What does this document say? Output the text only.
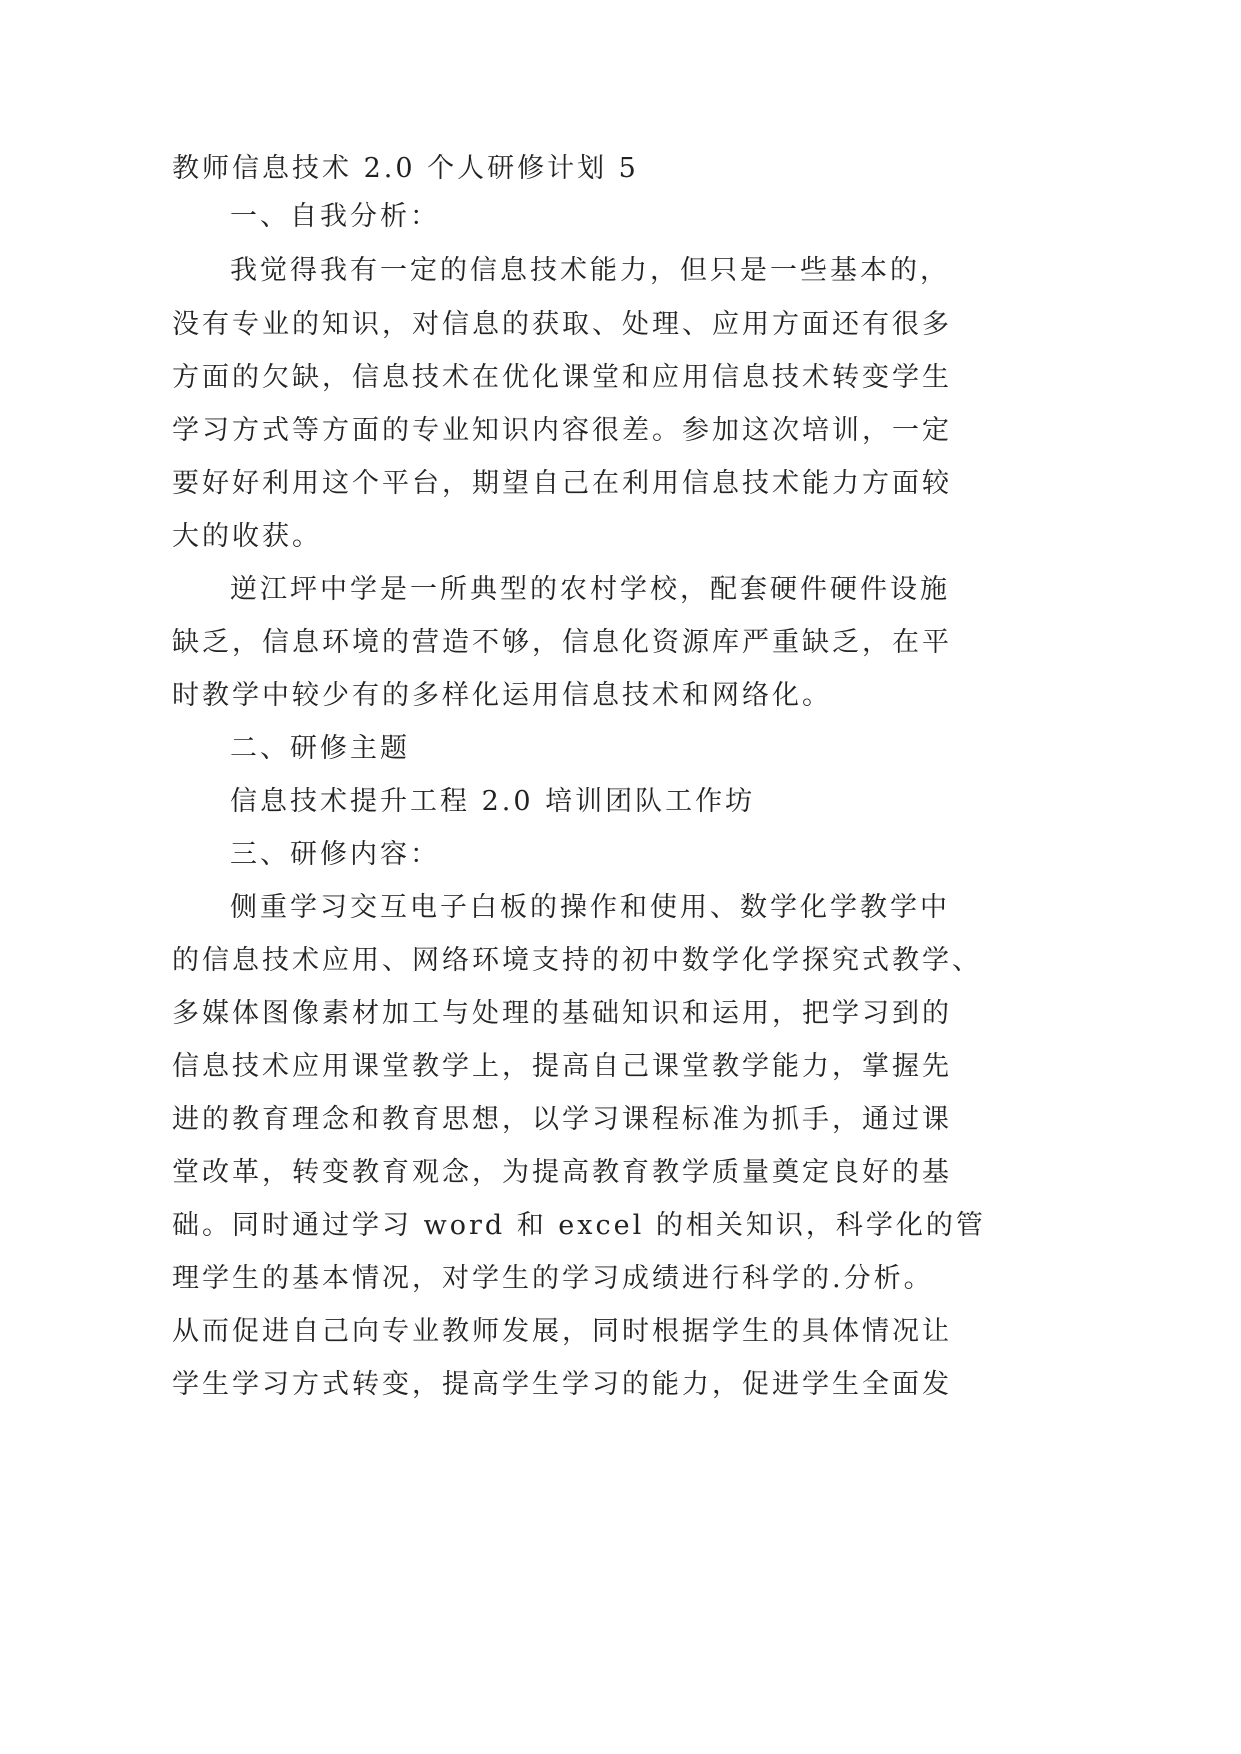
教师信息技术 2.0 个人研修计划 5
一、自我分析：
我觉得我有一定的信息技术能力，但只是一些基本的，
没有专业的知识，对信息的获取、处理、应用方面还有很多
方面的欠缺，信息技术在优化课堂和应用信息技术转变学生
学习方式等方面的专业知识内容很差。参加这次培训，一定
要好好利用这个平台，期望自己在利用信息技术能力方面较
大的收获。
逆江坪中学是一所典型的农村学校，配套硬件硬件设施
缺乏，信息环境的营造不够，信息化资源库严重缺乏，在平
时教学中较少有的多样化运用信息技术和网络化。
二、研修主题
信息技术提升工程 2.0 培训团队工作坊
三、研修内容：
侧重学习交互电子白板的操作和使用、数学化学教学中
的信息技术应用、网络环境支持的初中数学化学探究式教学、
多媒体图像素材加工与处理的基础知识和运用，把学习到的
信息技术应用课堂教学上，提高自己课堂教学能力，掌握先
进的教育理念和教育思想，以学习课程标准为抓手，通过课
堂改革，转变教育观念，为提高教育教学质量奠定良好的基
础。同时通过学习 word 和 excel 的相关知识，科学化的管
理学生的基本情况，对学生的学习成绩进行科学的.分析。
从而促进自己向专业教师发展，同时根据学生的具体情况让
学生学习方式转变，提高学生学习的能力，促进学生全面发
